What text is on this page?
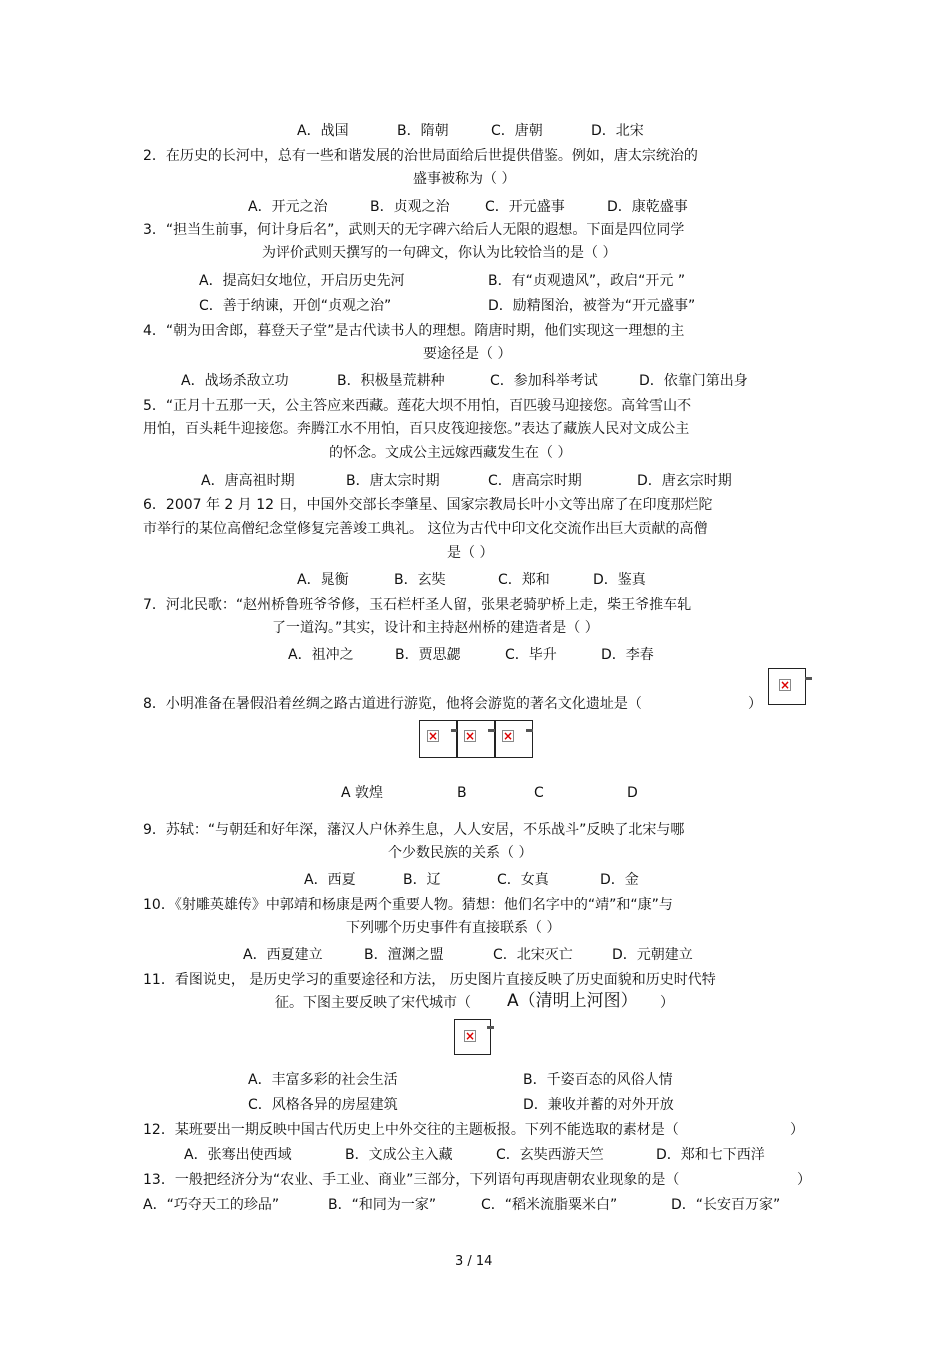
A．战国	B．隋朝	C．唐朝	D．北宋
2．在历史的长河中，总有一些和谐发展的治世局面给后世提供借鉴。例如，唐太宗统治的
盛事被称为（ ）
A．开元之治	B．贞观之治	C．开元盛事	D．康乾盛事
3．“担当生前事，何计身后名”，武则天的无字碑六给后人无限的遐想。下面是四位同学
为评价武则天撰写的一句碑文，你认为比较恰当的是（ ）
A．提高妇女地位，开启历史先河	B．有“贞观遗风”，政启“开元 ”
C．善于纳谏，开创“贞观之治”	D．励精图治，被誉为“开元盛事”
4．“朝为田舍郎，暮登天子堂”是古代读书人的理想。隋唐时期，他们实现这一理想的主
要途径是（ ）
A．战场杀敌立功	B．积极垦荒耕种	C．参加科举考试	D．依靠门第出身
5．“正月十五那一天，公主答应来西藏。莲花大坝不用怕，百匹骏马迎接您。高耸雪山不
用怕，百头耗牛迎接您。奔腾江水不用怕，百只皮筏迎接您。”表达了藏族人民对文成公主
的怀念。文成公主远嫁西藏发生在（ ）
A．唐高祖时期	B．唐太宗时期	C．唐高宗时期	D．唐玄宗时期
6．2007 年 2 月 12 日，中国外交部长李肇星、国家宗教局长叶小文等出席了在印度那烂陀
市举行的某位高僧纪念堂修复完善竣工典礼。 这位为古代中印文化交流作出巨大贡献的高僧
是（ ）
A．晁衡	B．玄奘	C．郑和	D．鉴真
7．河北民歌：“赵州桥鲁班爷爷修，玉石栏杆圣人留，张果老骑驴桥上走，柴王爷推车轧
了一道沟。”其实，设计和主持赵州桥的建造者是（ ）
A．祖冲之	B．贾思勰	C．毕升	D．李春
×
8．小明准备在暑假沿着丝绸之路古道进行游览，他将会游览的著名文化遗址是（	）
×
×
×
A 敦煌	B	C	D
9．苏轼：“与朝廷和好年深，藩汉人户休养生息，人人安居，不乐战斗”反映了北宋与哪
个少数民族的关系（ ）
A．西夏	B．辽	C．女真	D．金
10．《射雕英雄传》中郭靖和杨康是两个重要人物。猜想：他们名字中的“靖”和“康”与
下列哪个历史事件有直接联系（ ）
A．西夏建立	B．澶渊之盟	C．北宋灭亡	D．元朝建立
11．看图说史， 是历史学习的重要途径和方法， 历史图片直接反映了历史面貌和历史时代特
征。下图主要反映了宋代城市（ A（清明上河图） ）
×
A．丰富多彩的社会生活	B．千姿百态的风俗人情
C．风格各异的房屋建筑	D．兼收并蓄的对外开放
12．某班要出一期反映中国古代历史上中外交往的主题板报。下列不能选取的素材是（	）
A．张骞出使西域	B．文成公主入藏	C．玄奘西游天竺	D．郑和七下西洋
13．一般把经济分为“农业、手工业、商业”三部分，下列语句再现唐朝农业现象的是（	）
A．“巧夺天工的珍品”	B．“和同为一家”	C．“稻米流脂粟米白”	D．“长安百万家”
3 / 14
